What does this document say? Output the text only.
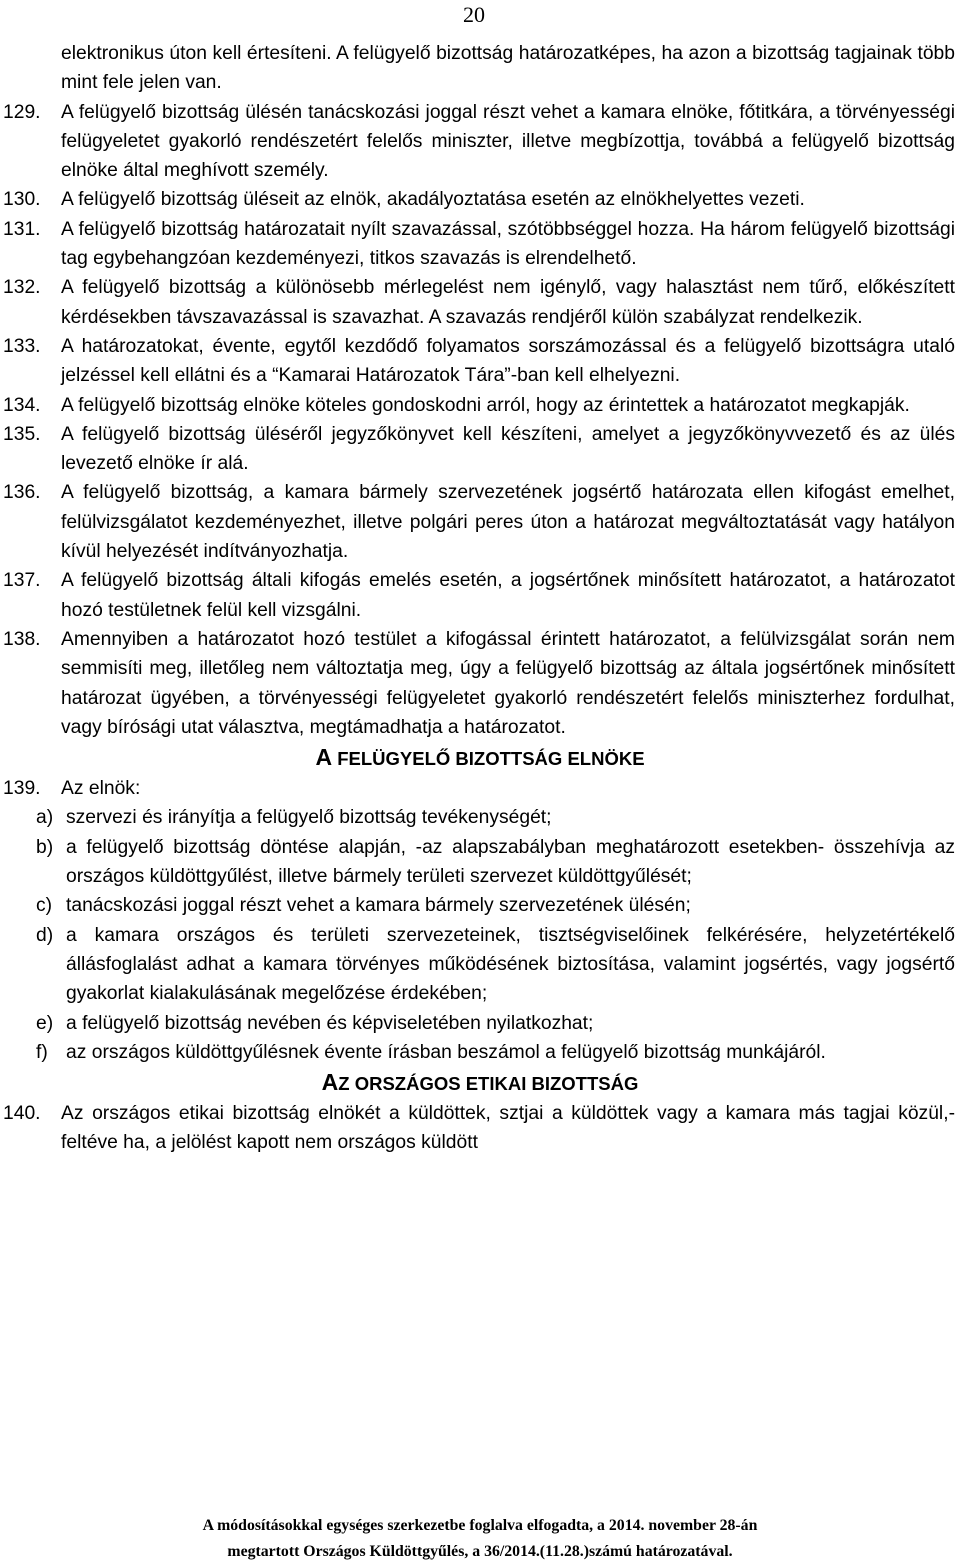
20
elektronikus úton kell értesíteni. A felügyelő bizottság határozatképes, ha azon a bizottság tagjainak több mint fele jelen van.
129. A felügyelő bizottság ülésén tanácskozási joggal részt vehet a kamara elnöke, főtitkára, a törvényességi felügyeletet gyakorló rendészetért felelős miniszter, illetve megbízottja, továbbá a felügyelő bizottság elnöke által meghívott személy.
130. A felügyelő bizottság üléseit az elnök, akadályoztatása esetén az elnökhelyettes vezeti.
131. A felügyelő bizottság határozatait nyílt szavazással, szótöbbséggel hozza. Ha három felügyelő bizottsági tag egybehangzóan kezdeményezi, titkos szavazás is elrendelhető.
132. A felügyelő bizottság a különösebb mérlegelést nem igénylő, vagy halasztást nem tűrő, előkészített kérdésekben távszavazással is szavazhat. A szavazás rendjéről külön szabályzat rendelkezik.
133. A határozatokat, évente, egytől kezdődő folyamatos sorszámozással és a felügyelő bizottságra utaló jelzéssel kell ellátni és a “Kamarai Határozatok Tára”-ban kell elhelyezni.
134. A felügyelő bizottság elnöke köteles gondoskodni arról, hogy az érintettek a határozatot megkapják.
135. A felügyelő bizottság üléséről jegyzőkönyvet kell készíteni, amelyet a jegyzőkönyvvezető és az ülés levezető elnöke ír alá.
136. A felügyelő bizottság, a kamara bármely szervezetének jogsértő határozata ellen kifogást emelhet, felülvizsgálatot kezdeményezhet, illetve polgári peres úton a határozat megváltoztatását vagy hatályon kívül helyezését indítványozhatja.
137. A felügyelő bizottság általi kifogás emelés esetén, a jogsértőnek minősített határozatot, a határozatot hozó testületnek felül kell vizsgálni.
138. Amennyiben a határozatot hozó testület a kifogással érintett határozatot, a felülvizsgálat során nem semmisíti meg, illetőleg nem változtatja meg, úgy a felügyelő bizottság az általa jogsértőnek minősített határozat ügyében, a törvényességi felügyeletet gyakorló rendészetért felelős miniszterhez fordulhat, vagy bírósági utat választva, megtámadhatja a határozatot.
A FELÜGYELŐ BIZOTTSÁG ELNÖKE
139. Az elnök:
a) szervezi és irányítja a felügyelő bizottság tevékenységét;
b) a felügyelő bizottság döntése alapján, -az alapszabályban meghatározott esetekben- összehívja az országos küldöttgyűlést, illetve bármely területi szervezet küldöttgyűlését;
c) tanácskozási joggal részt vehet a kamara bármely szervezetének ülésén;
d) a kamara országos és területi szervezeteinek, tisztségviselőinek felkérésére, helyzetértékelő állásfoglalást adhat a kamara törvényes működésének biztosítása, valamint jogsértés, vagy jogsértő gyakorlat kialakulásának megelőzése érdekében;
e) a felügyelő bizottság nevében és képviseletében nyilatkozhat;
f) az országos küldöttgyűlésnek évente írásban beszámol a felügyelő bizottság munkájáról.
AZ ORSZÁGOS ETIKAI BIZOTTSÁG
140. Az országos etikai bizottság elnökét a küldöttek, sztjai a küldöttek vagy a kamara más tagjai közül,- feltéve ha, a jelölést kapott nem országos küldött
A módosításokkal egységes szerkezetbe foglalva elfogadta, a 2014. november 28-án
megtartott Országos Küldöttgyűlés, a 36/2014.(11.28.)számú határozatával.
